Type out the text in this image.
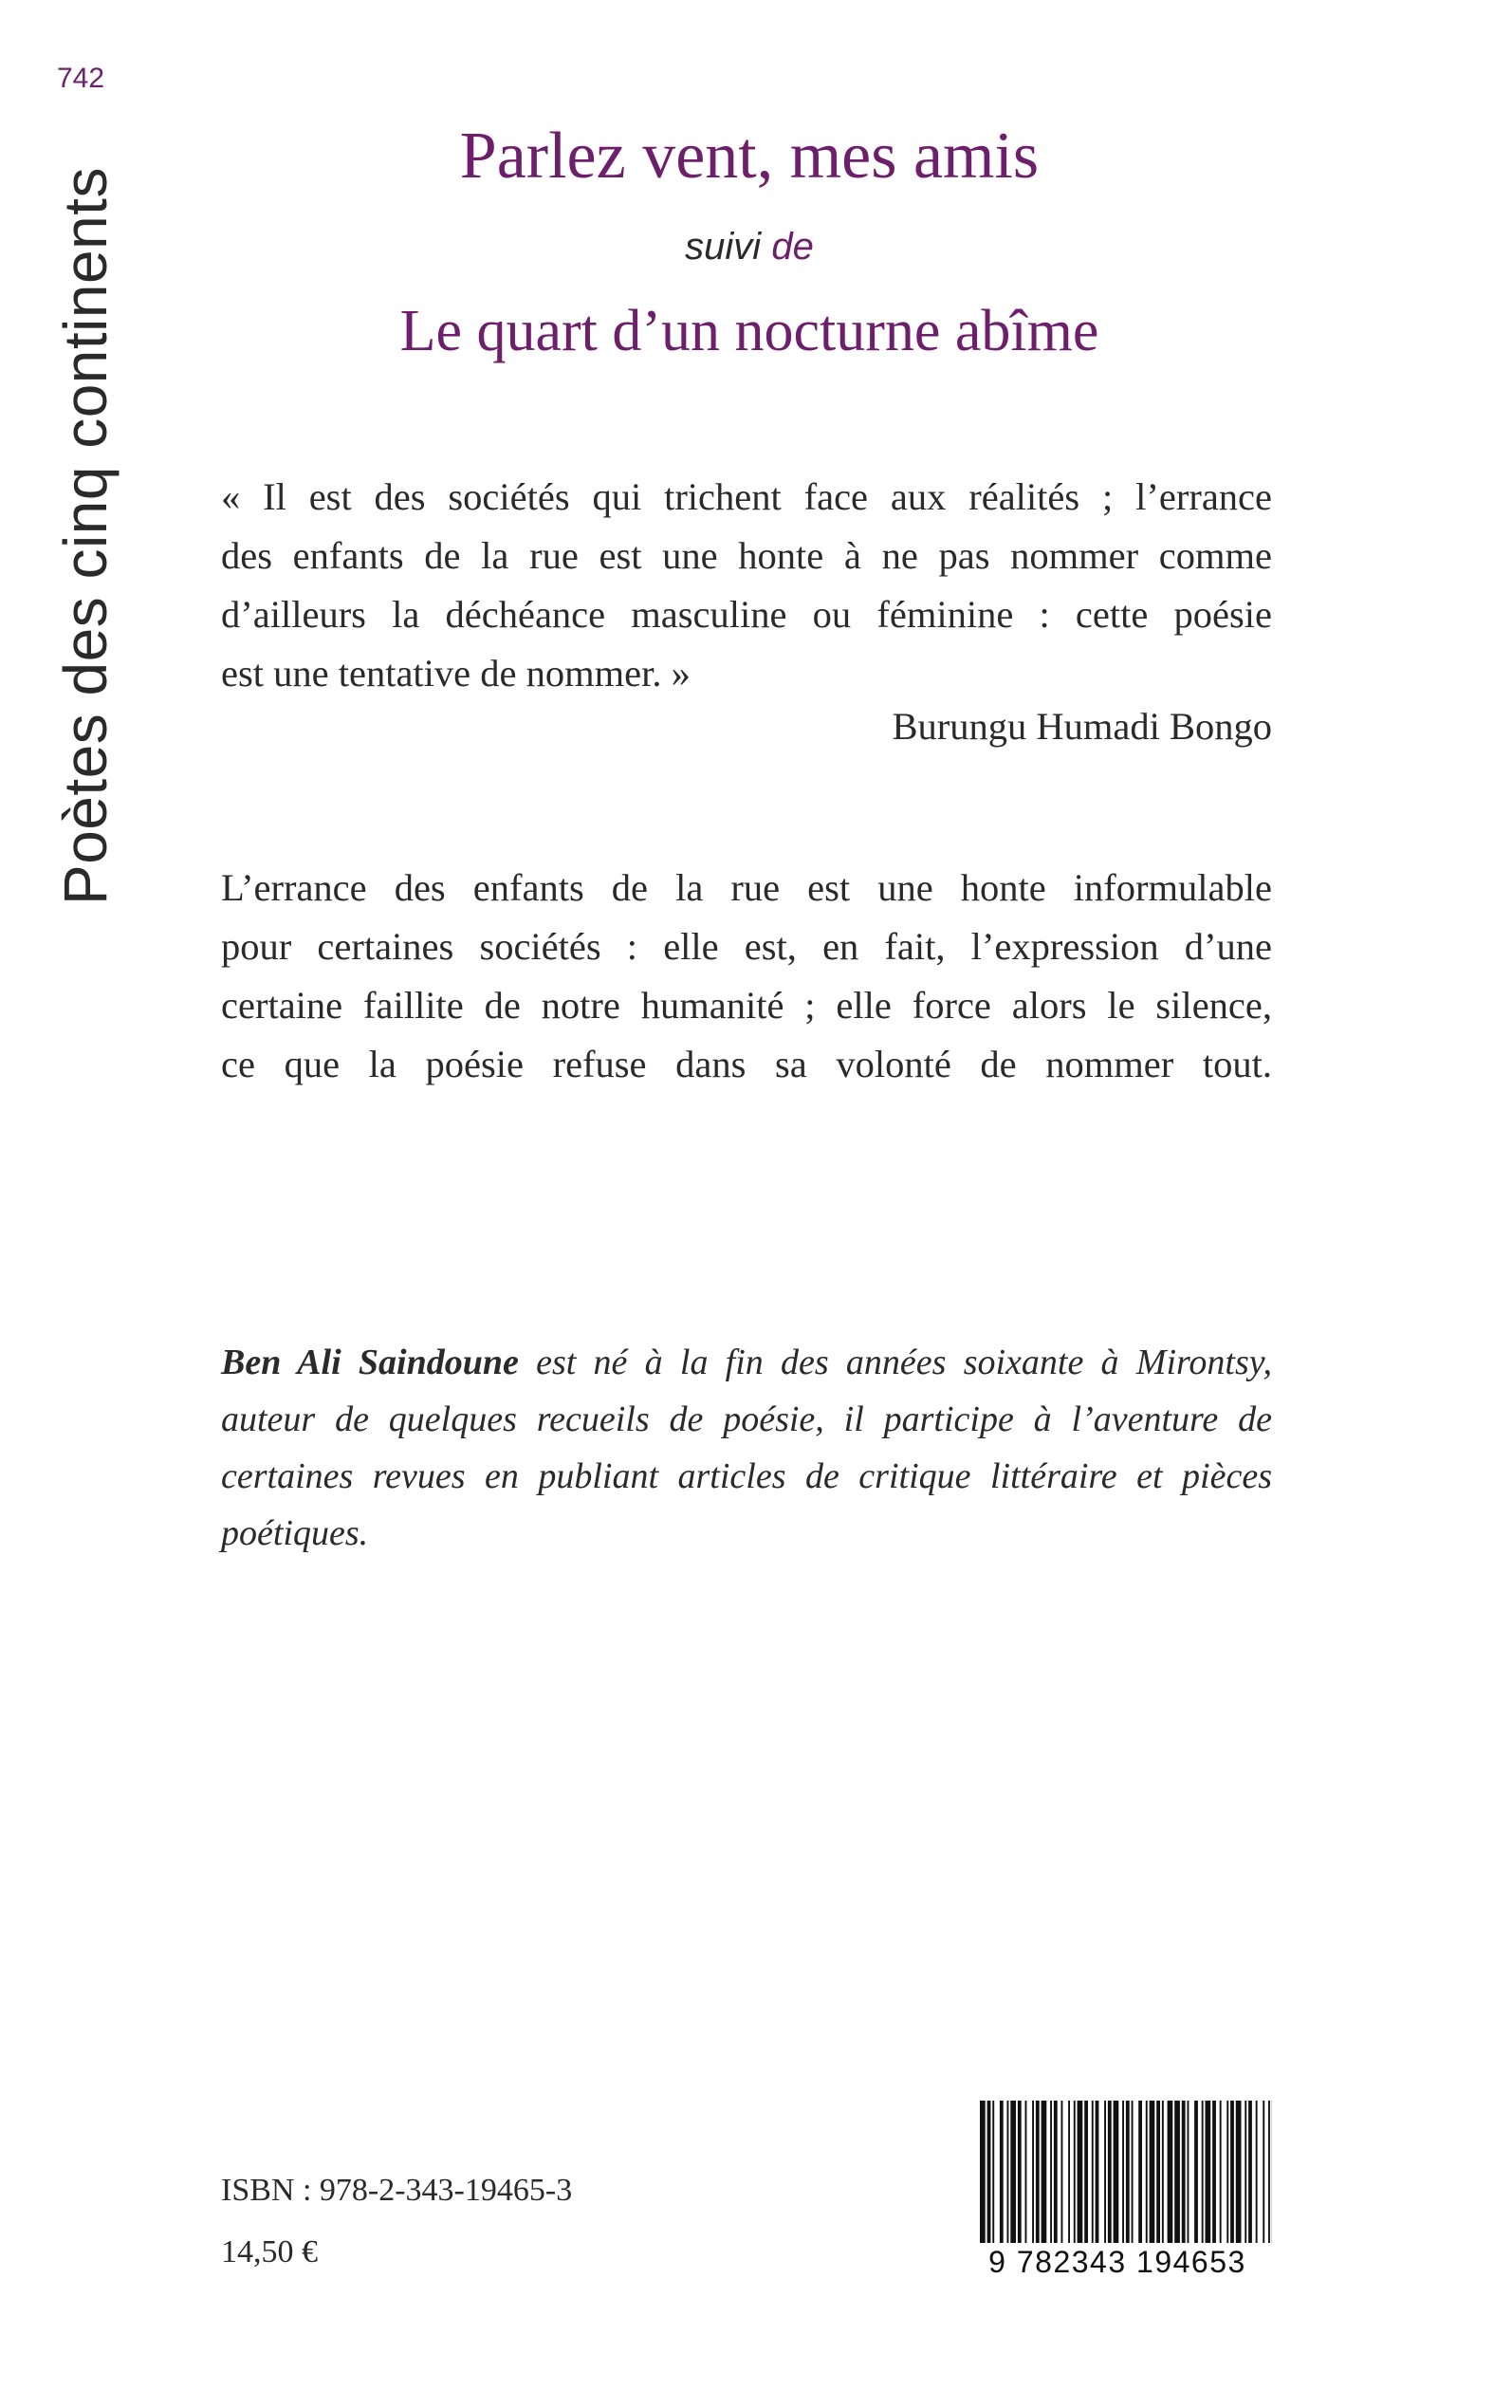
742
Poètes des cinq continents
Parlez vent, mes amis
suivi de
Le quart d’un nocturne abîme
« Il est des sociétés qui trichent face aux réalités ; l’errance
des enfants de la rue est une honte à ne pas nommer comme
d’ailleurs la déchéance masculine ou féminine : cette poésie
est une tentative de nommer. »
Burungu Humadi Bongo
L’errance des enfants de la rue est une honte informulable
pour certaines sociétés : elle est, en fait, l’expression d’une
certaine faillite de notre humanité ; elle force alors le silence,
ce que la poésie refuse dans sa volonté de nommer tout.
Ben Ali Saindoune est né à la fin des années soixante à Mirontsy,
auteur de quelques recueils de poésie, il participe à l’aventure de
certaines revues en publiant articles de critique littéraire et pièces
poétiques.
ISBN : 978-2-343-19465-3
14,50 €	9 782343 194653
